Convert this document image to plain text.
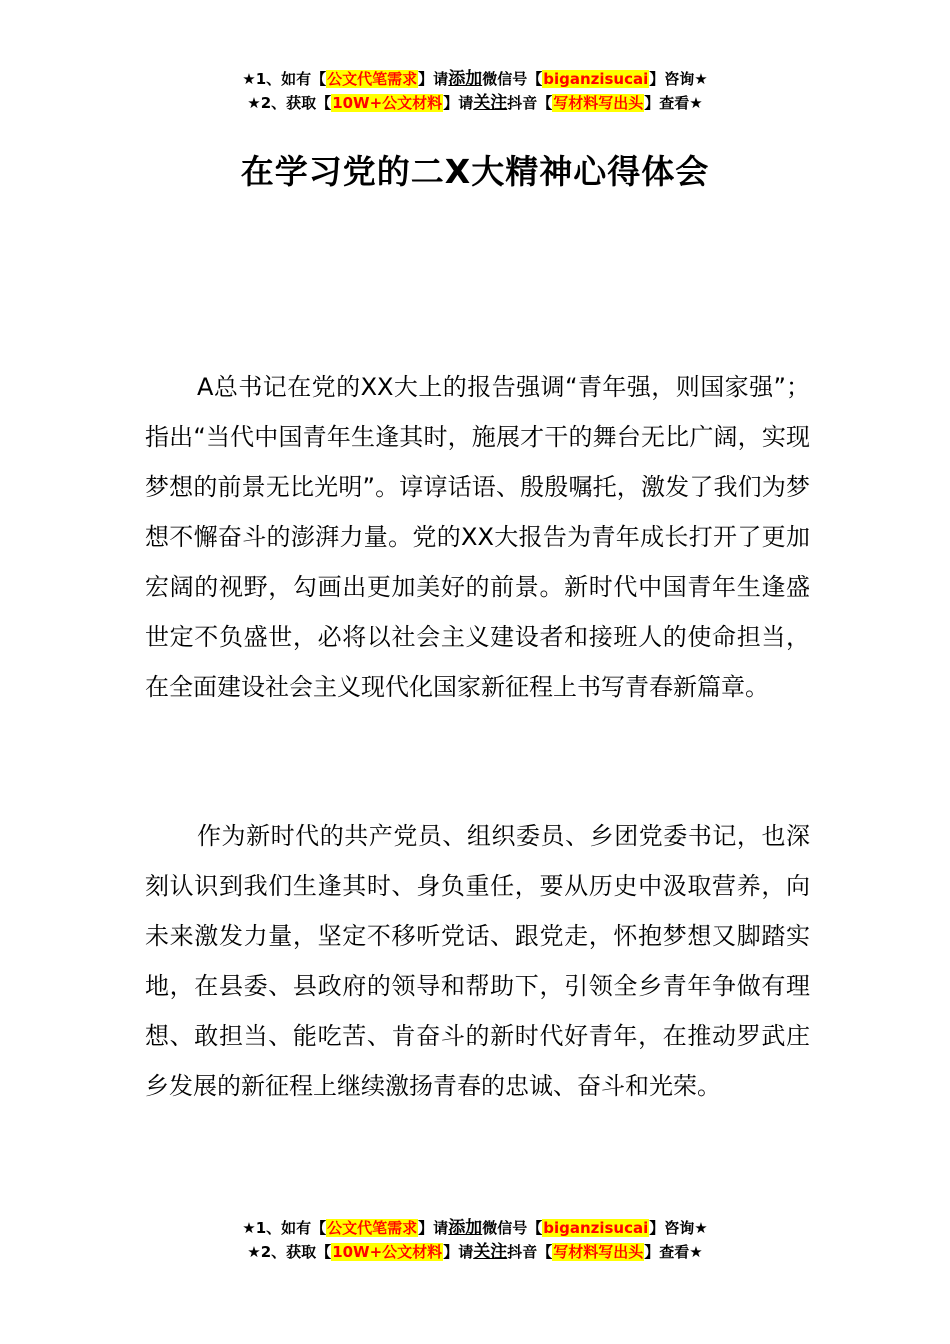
★1、如有【公文代笔需求】请添加微信号【biganzisucai】咨询★
★2、获取【10W+公文材料】请关注抖音【写材料写出头】查看★
在学习党的二X大精神心得体会

A总书记在党的XX大上的报告强调“青年强，则国家强”；指出“当代中国青年生逢其时，施展才干的舞台无比广阔，实现梦想的前景无比光明”。谆谆话语、殷殷嘱托，激发了我们为梦想不懈奋斗的澎湃力量。党的XX大报告为青年成长打开了更加宏阔的视野，勾画出更加美好的前景。新时代中国青年生逢盛世定不负盛世，必将以社会主义建设者和接班人的使命担当，在全面建设社会主义现代化国家新征程上书写青春新篇章。

作为新时代的共产党员、组织委员、乡团党委书记，也深刻认识到我们生逢其时、身负重任，要从历史中汲取营养，向未来激发力量，坚定不移听党话、跟党走，怀抱梦想又脚踏实地，在县委、县政府的领导和帮助下，引领全乡青年争做有理想、敢担当、能吃苦、肯奋斗的新时代好青年，在推动罗武庄乡发展的新征程上继续激扬青春的忠诚、奋斗和光荣。

★1、如有【公文代笔需求】请添加微信号【biganzisucai】咨询★
★2、获取【10W+公文材料】请关注抖音【写材料写出头】查看★
